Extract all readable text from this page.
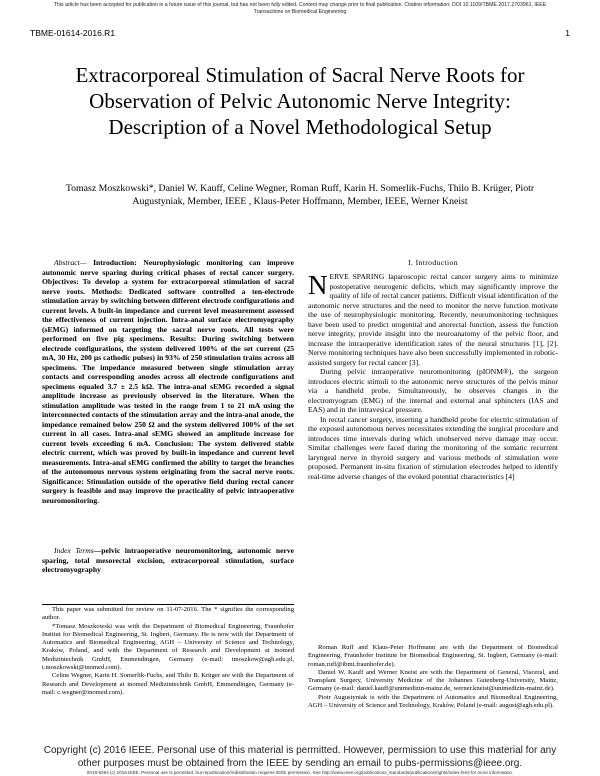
This article has been accepted for publication in a future issue of this journal, but has not been fully edited. Content may change prior to final publication. Citation information: DOI 10.1109/TBME.2017.2703961, IEEE
Transactions on Biomedical Engineering
TBME-01614-2016.R1	1
Extracorporeal Stimulation of Sacral Nerve Roots for Observation of Pelvic Autonomic Nerve Integrity: Description of a Novel Methodological Setup
Tomasz Moszkowski*, Daniel W. Kauff, Celine Wegner, Roman Ruff, Karin H. Somerlik-Fuchs, Thilo B. Krüger, Piotr Augustyniak, Member, IEEE , Klaus-Peter Hoffmann, Member, IEEE, Werner Kneist

Abstract— Introduction: Neurophysiologic monitoring can improve autonomic nerve sparing during critical phases of rectal cancer surgery. Objectives: To develop a system for extracorporeal stimulation of sacral nerve roots. Methods: Dedicated software controlled a ten-electrode stimulation array by switching between different electrode configurations and current levels. A built-in impedance and current level measurement assessed the effectiveness of current injection. Intra-anal surface electromyography (sEMG) informed on targeting the sacral nerve roots. All tests were performed on five pig specimens. Results: During switching between electrode configurations, the system delivered 100% of the set current (25 mA, 30 Hz, 200 µs cathodic pulses) in 93% of 250 stimulation trains across all specimens. The impedance measured between single stimulation array contacts and corresponding anodes across all electrode configurations and specimens equaled 3.7 ± 2.5 kΩ. The intra-anal sEMG recorded a signal amplitude increase as previously observed in the literature. When the stimulation amplitude was tested in the range from 1 to 21 mA using the interconnected contacts of the stimulation array and the intra-anal anode, the impedance remained below 250 Ω and the system delivered 100% of the set current in all cases. Intra-anal sEMG showed an amplitude increase for current levels exceeding 6 mA. Conclusion: The system delivered stable electric current, which was proved by built-in impedance and current level measurements. Intra-anal sEMG confirmed the ability to target the branches of the autonomous nervous system originating from the sacral nerve roots. Significance: Stimulation outside of the operative field during rectal cancer surgery is feasible and may improve the practicality of pelvic intraoperative neuromonitoring.

Index Terms—pelvic intraoperative neuromonitoring, autonomic nerve sparing, total mesorectal excision, extracorporeal stimulation, surface electromyography

This paper was submitted for review on 11-07-2016. The * signifies the corresponding author.

*Tomasz Moszkowski was with the Department of Biomedical Engineering, Fraunhofer Institut for Biomedical Engineering, St. Ingbert, Germany. He is now with the Department of Automatics and Biomedical Engineering, AGH – University of Science and Technology, Kraków, Poland, and with the Department of Research and Development at inomed Medizintechnik GmbH, Emmendingen, Germany (e-mail: tmoszkow@agh.edu.pl, t.moszkowski@inomed.com).

Celine Wegner, Karin H. Somerlik-Fuchs, and Thilo B. Krüger are with the Department of Research and Development at inomed Medizintechnik GmbH, Emmendingen, Germany (e-mail: c.wegner@inomed.com).

I. Introduction

NERVE SPARING laparoscopic rectal cancer surgery aims to minimize postoperative neurogenic deficits, which may significantly improve the quality of life of rectal cancer patients. Difficult visual identification of the autonomic nerve structures and the need to monitor the nerve function motivate the use of neurophysiologic monitoring. Recently, neuromonitoring techniques have been used to predict urogenital and anorectal function, assess the function nerve integrity, provide insight into the neuroanatomy of the pelvic floor, and increase the intraoperative identification rates of the neural structures [1], [2]. Nerve monitoring techniques have also been successfully implemented in robotic-assisted surgery for rectal cancer [3].

During pelvic intraoperative neuromonitoring (pIONM®), the surgeon introduces electric stimuli to the autonomic nerve structures of the pelvis minor via a handheld probe. Simultaneously, he observes changes in the electromyogram (EMG) of the internal and external anal sphincters (IAS and EAS) and in the intravesical pressure.

In rectal cancer surgery, inserting a handheld probe for electric stimulation of the exposed autonomous nerves necessitates extending the surgical procedure and introduces time intervals during which unobserved nerve damage may occur. Similar challenges were faced during the monitoring of the somatic recurrent laryngeal nerve in thyroid surgery and various methods of stimulation were proposed. Permanent in-situ fixation of stimulation electrodes helped to identify real-time adverse changes of the evoked potential characteristics [4]

Roman Ruff and Klaus-Peter Hoffmann are with the Department of Biomedical Engineering, Fraunhofer Institute for Biomedical Engineering, St. Ingbert, Germany (e-mail: roman.ruff@ibmt.fraunhofer.de).

Daniel W. Kauff and Werner Kneist are with the Department of General, Visceral, and Transplant Surgery, University Medicine of the Johannes Gutenberg-University, Mainz, Germany (e-mail: daniel.kauff@unimedizin-mainz.de, werner.kneist@unimedizin-mainz.de).

Piotr Augustyniak is with the Department of Automatics and Biomedical Engineering, AGH – University of Science and Technology, Kraków, Poland (e-mail: august@agh.edu.pl).

Copyright (c) 2016 IEEE. Personal use of this material is permitted. However, permission to use this material for any
other purposes must be obtained from the IEEE by sending an email to pubs-permissions@ieee.org.
0018-9294 (c) 2016 IEEE. Personal use is permitted, but republication/redistribution requires IEEE permission. See http://www.ieee.org/publications_standards/publications/rights/index.html for more information.
